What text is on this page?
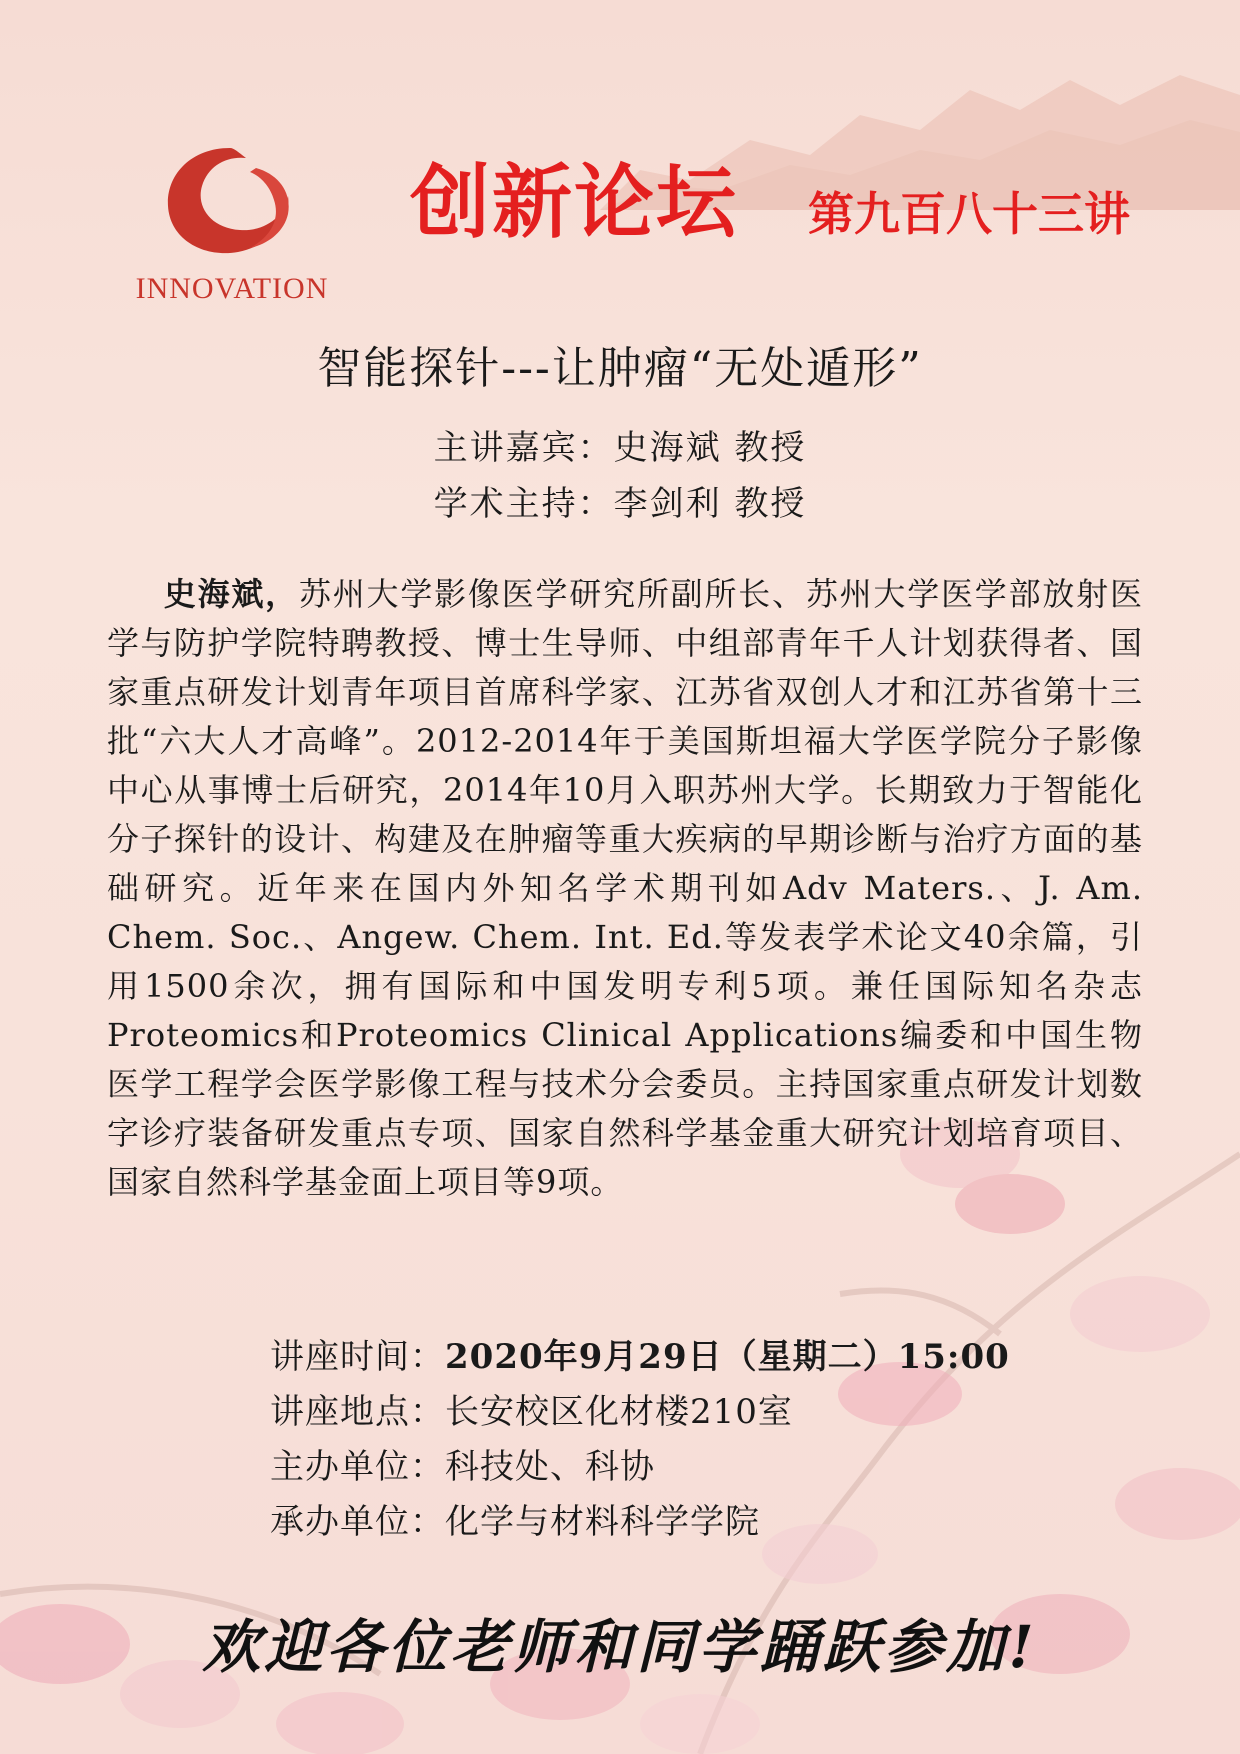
INNOVATION
创新论坛 第九百八十三讲
智能探针---让肿瘤“无处遁形”
主讲嘉宾：史海斌 教授
学术主持：李剑利 教授
史海斌，苏州大学影像医学研究所副所长、苏州大学医学部放射医学与防护学院特聘教授、博士生导师、中组部青年千人计划获得者、国家重点研发计划青年项目首席科学家、江苏省双创人才和江苏省第十三批“六大人才高峰”。2012-2014年于美国斯坦福大学医学院分子影像中心从事博士后研究，2014年10月入职苏州大学。长期致力于智能化分子探针的设计、构建及在肿瘤等重大疾病的早期诊断与治疗方面的基础研究。近年来在国内外知名学术期刊如Adv Maters.、J. Am. Chem. Soc.、Angew. Chem. Int. Ed.等发表学术论文40余篇，引用1500余次，拥有国际和中国发明专利5项。兼任国际知名杂志Proteomics和Proteomics Clinical Applications编委和中国生物医学工程学会医学影像工程与技术分会委员。主持国家重点研发计划数字诊疗装备研发重点专项、国家自然科学基金重大研究计划培育项目、国家自然科学基金面上项目等9项。
讲座时间：2020年9月29日（星期二）15:00
讲座地点：长安校区化材楼210室
主办单位：科技处、科协
承办单位：化学与材料科学学院
欢迎各位老师和同学踊跃参加!
